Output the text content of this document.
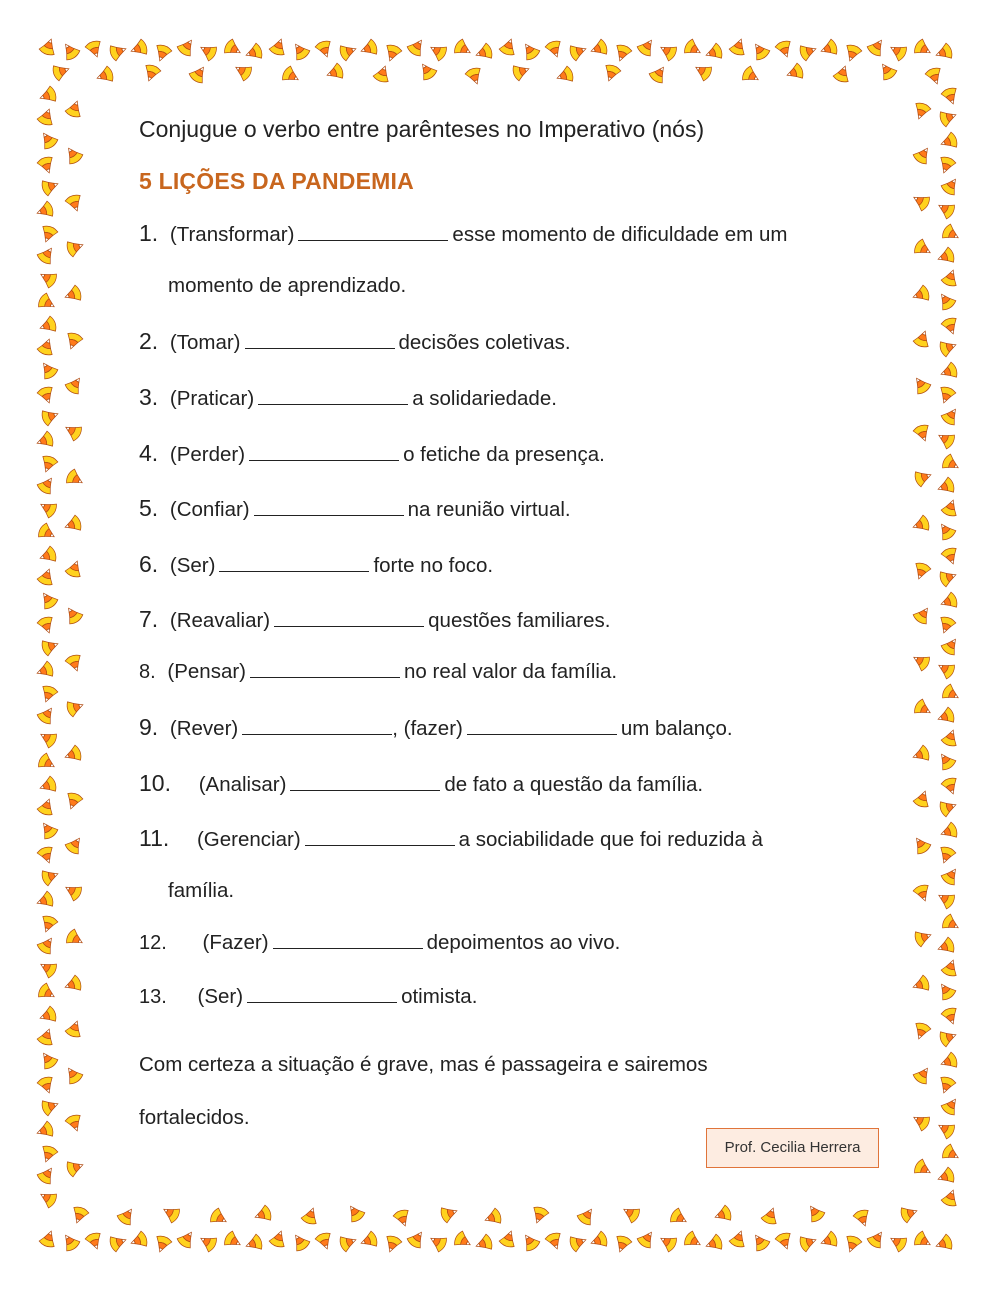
Conjugue o verbo entre parênteses no Imperativo (nós)
5 LIÇÕES DA PANDEMIA
1. (Transformar)	esse momento de dificuldade em um
momento de aprendizado.
2. (Tomar)	decisões coletivas.
3. (Praticar)	a solidariedade.
4. (Perder)	o fetiche da presença.
5. (Confiar)	na reunião virtual.
6. (Ser)	forte no foco.
7. (Reavaliar)	questões familiares.
8. (Pensar)	no real valor da família.
9. (Rever)	, (fazer)	um balanço.
10. (Analisar)	de fato a questão da família.
11. (Gerenciar)	a sociabilidade que foi reduzida à
família.
12. (Fazer)	depoimentos ao vivo.
13. (Ser)	otimista.
Com certeza a situação é grave, mas é passageira e sairemos
fortalecidos.
Prof. Cecilia Herrera
